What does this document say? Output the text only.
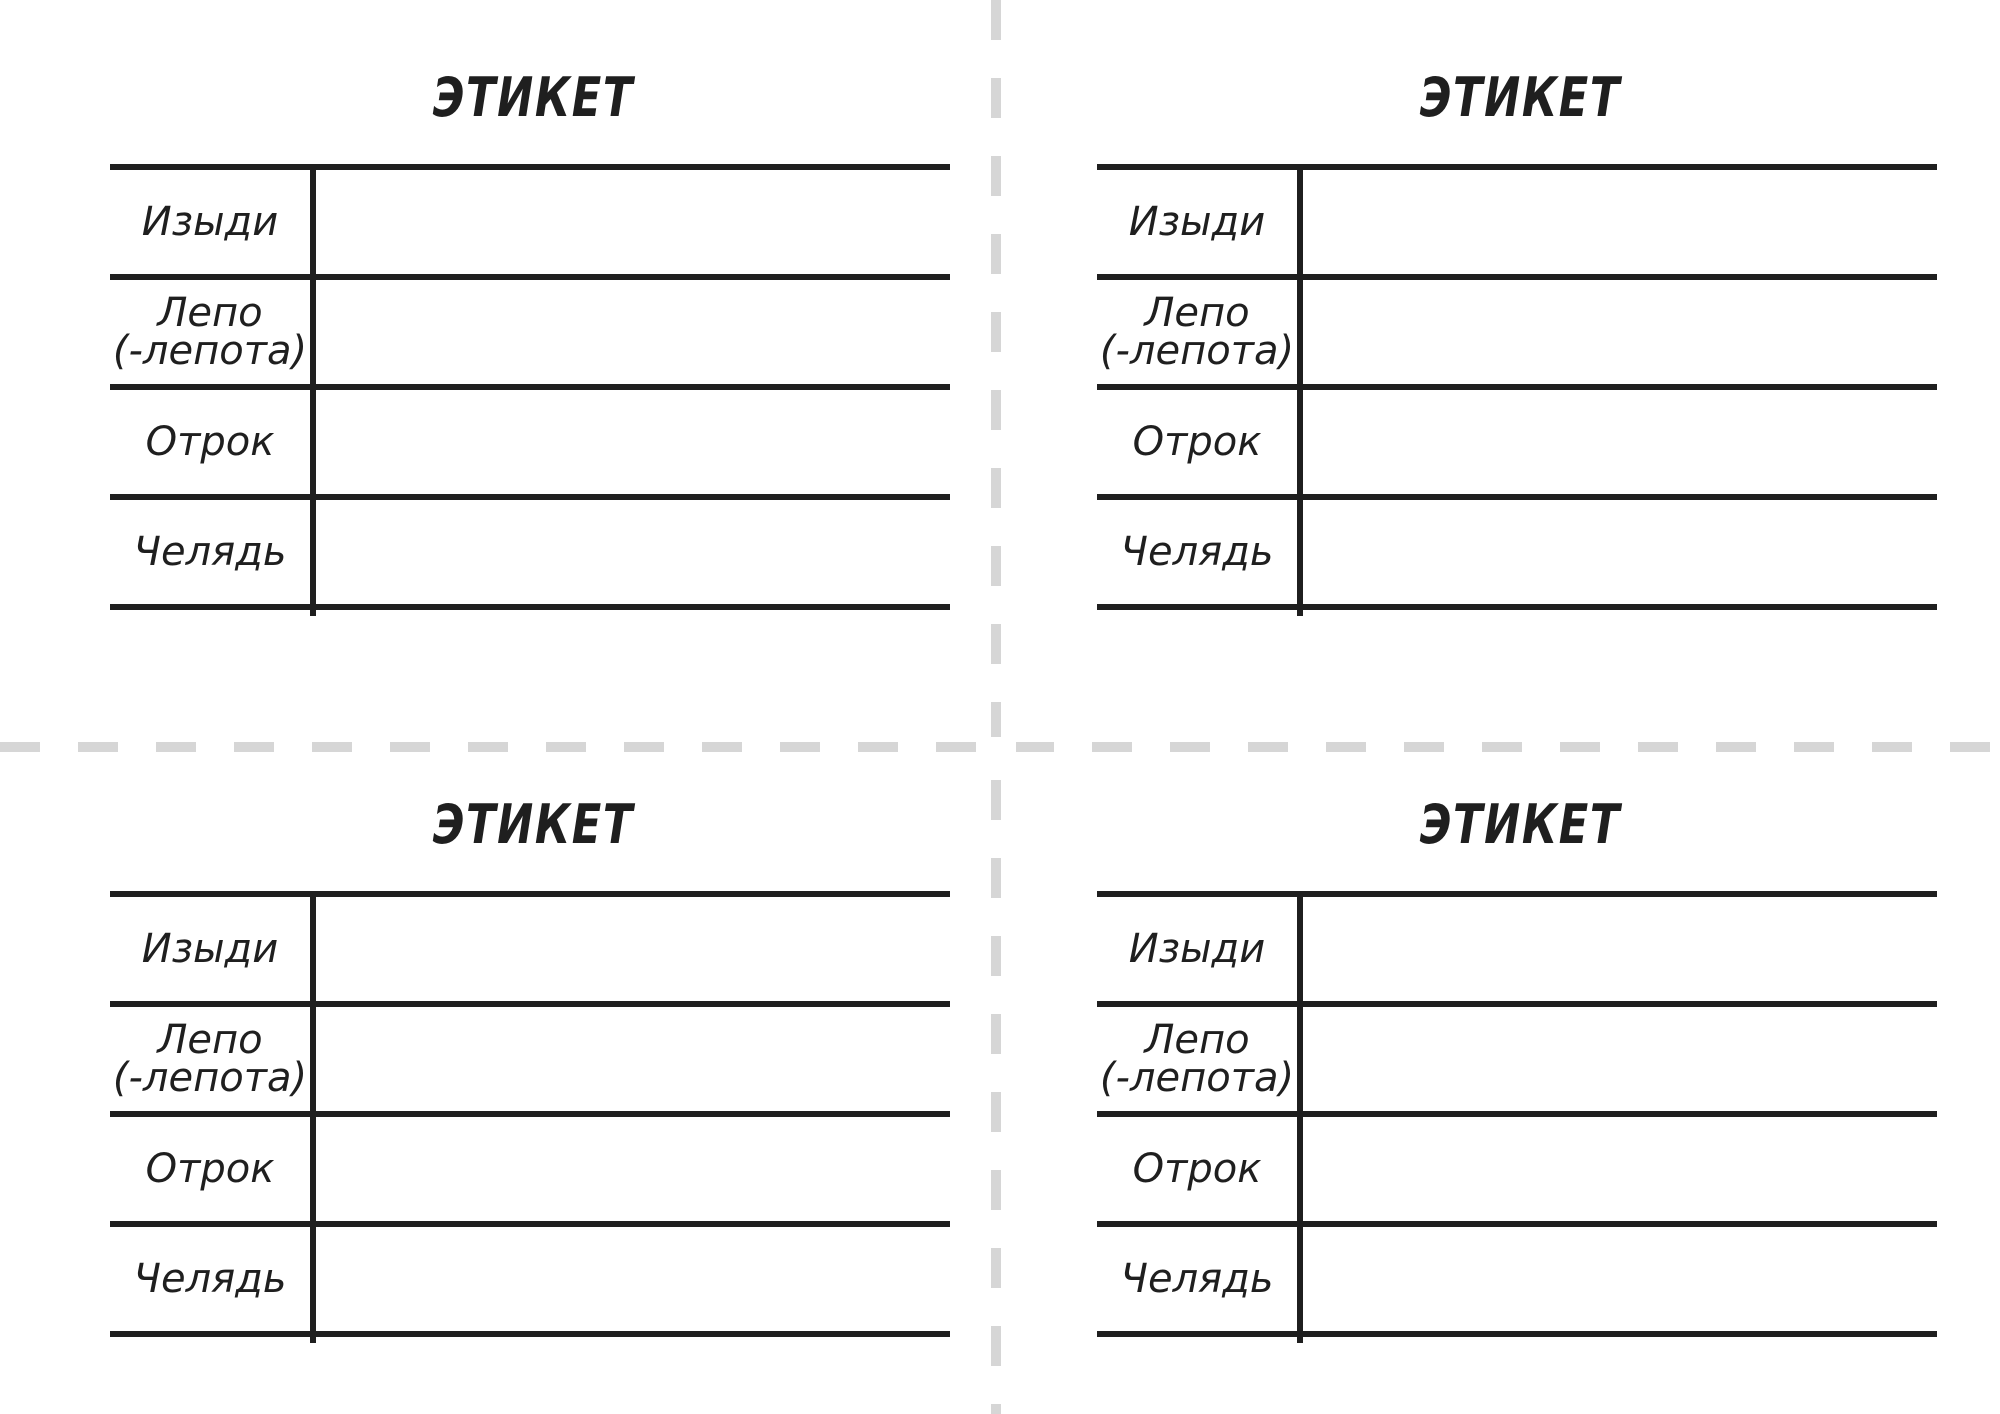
ЭТИКЕТ
Изыди
Лепо
(-лепота)
Отрок
Челядь
ЭТИКЕТ
Изыди
Лепо
(-лепота)
Отрок
Челядь
ЭТИКЕТ
Изыди
Лепо
(-лепота)
Отрок
Челядь
ЭТИКЕТ
Изыди
Лепо
(-лепота)
Отрок
Челядь
